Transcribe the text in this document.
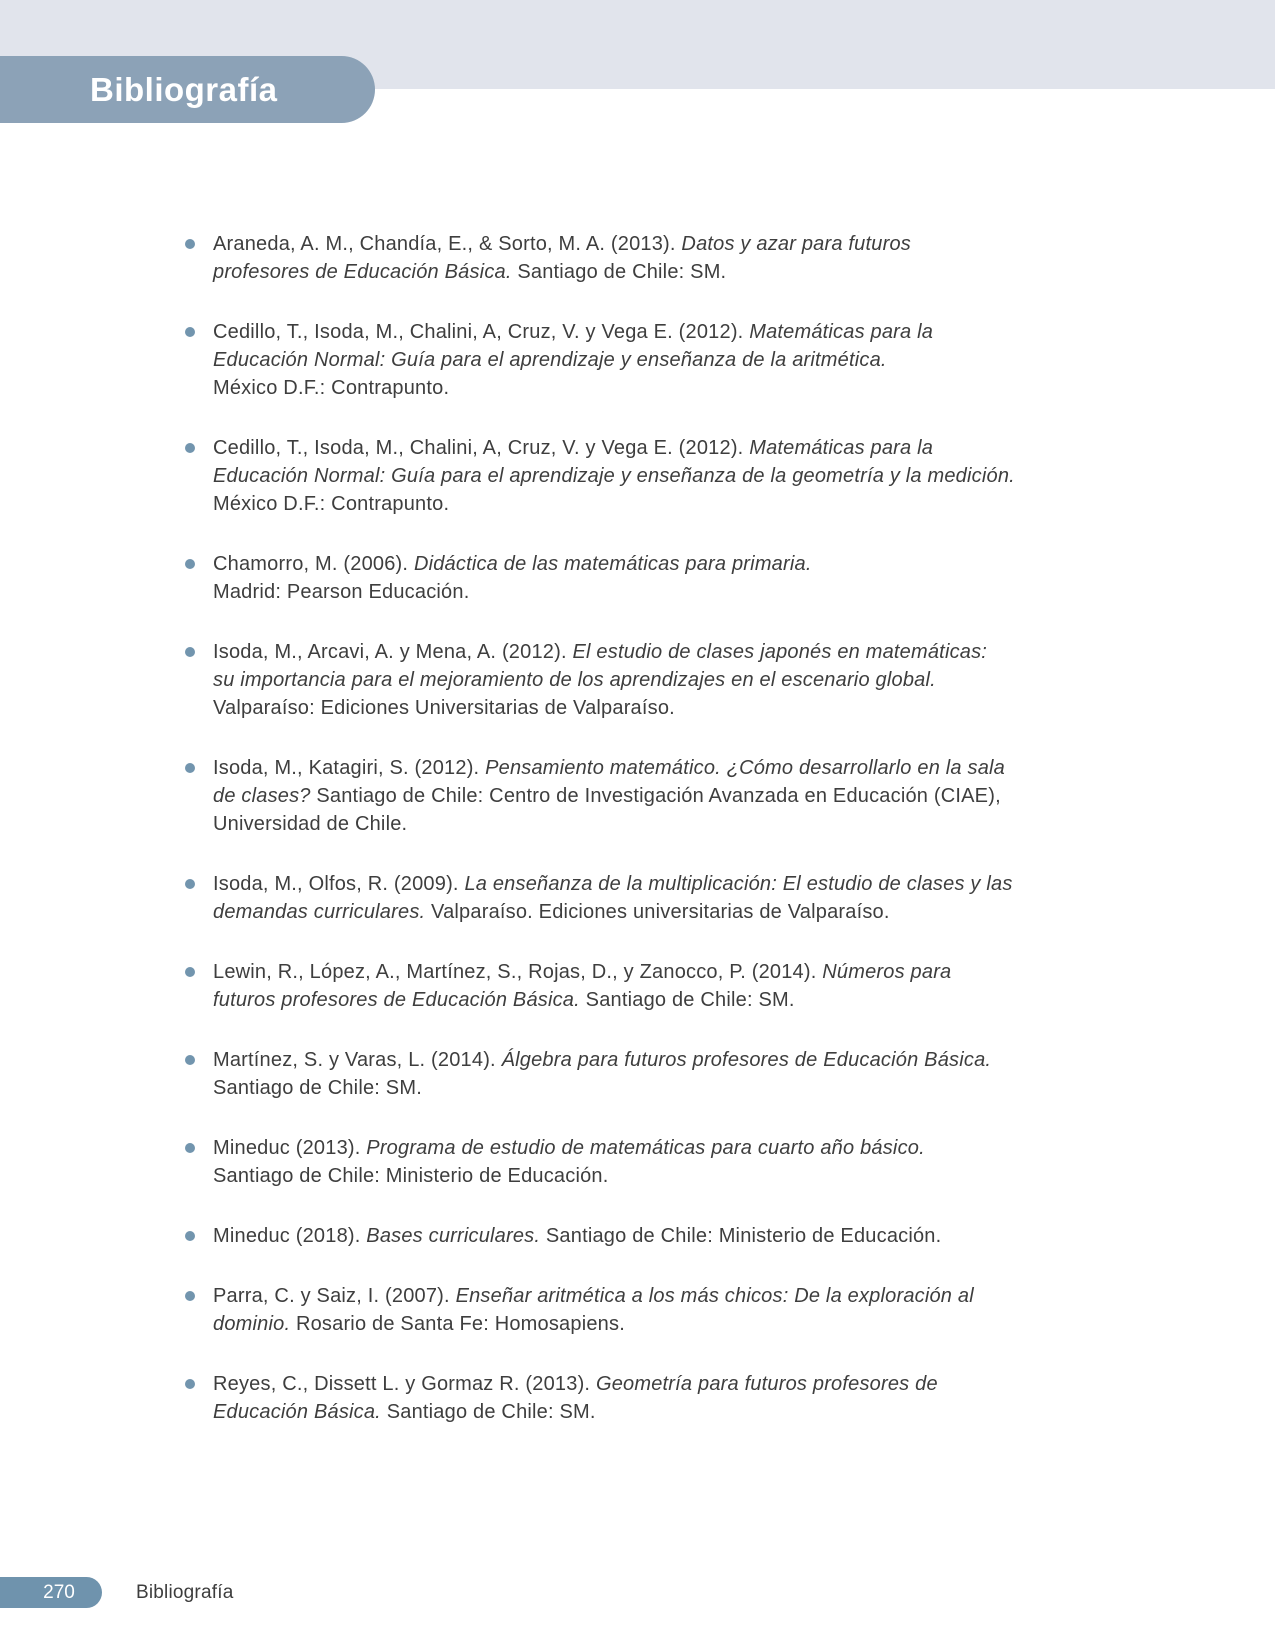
Bibliografía
Araneda, A. M., Chandía, E., & Sorto, M. A. (2013). Datos y azar para futuros
profesores de Educación Básica. Santiago de Chile: SM.
Cedillo, T., Isoda, M., Chalini, A, Cruz, V. y Vega E. (2012). Matemáticas para la
Educación Normal: Guía para el aprendizaje y enseñanza de la aritmética.
México D.F.: Contrapunto.
Cedillo, T., Isoda, M., Chalini, A, Cruz, V. y Vega E. (2012). Matemáticas para la
Educación Normal: Guía para el aprendizaje y enseñanza de la geometría y la medición.
México D.F.: Contrapunto.
Chamorro, M. (2006). Didáctica de las matemáticas para primaria.
Madrid: Pearson Educación.
Isoda, M., Arcavi, A. y Mena, A. (2012). El estudio de clases japonés en matemáticas:
su importancia para el mejoramiento de los aprendizajes en el escenario global.
Valparaíso: Ediciones Universitarias de Valparaíso.
Isoda, M., Katagiri, S. (2012). Pensamiento matemático. ¿Cómo desarrollarlo en la sala
de clases? Santiago de Chile: Centro de Investigación Avanzada en Educación (CIAE),
Universidad de Chile.
Isoda, M., Olfos, R. (2009). La enseñanza de la multiplicación: El estudio de clases y las
demandas curriculares. Valparaíso. Ediciones universitarias de Valparaíso.
Lewin, R., López, A., Martínez, S., Rojas, D., y Zanocco, P. (2014). Números para
futuros profesores de Educación Básica. Santiago de Chile: SM.
Martínez, S. y Varas, L. (2014). Álgebra para futuros profesores de Educación Básica.
Santiago de Chile: SM.
Mineduc (2013). Programa de estudio de matemáticas para cuarto año básico.
Santiago de Chile: Ministerio de Educación.
Mineduc (2018). Bases curriculares. Santiago de Chile: Ministerio de Educación.
Parra, C. y Saiz, I. (2007). Enseñar aritmética a los más chicos: De la exploración al
dominio. Rosario de Santa Fe: Homosapiens.
Reyes, C., Dissett L. y Gormaz R. (2013). Geometría para futuros profesores de
Educación Básica. Santiago de Chile: SM.
270	Bibliografía
